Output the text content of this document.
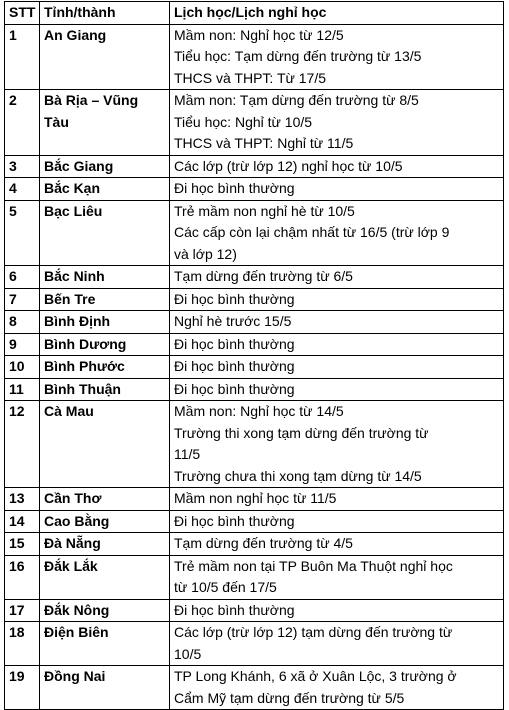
STT	Tỉnh/thành	Lịch học/Lịch nghỉ học
1	An Giang	Mầm non: Nghỉ học từ 12/5
Tiểu học: Tạm dừng đến trường từ 13/5
THCS và THPT: Từ 17/5

2	Bà Rịa – Vũng
Tàu	Mầm non: Tạm dừng đến trường từ 8/5
Tiểu học: Nghỉ từ 10/5
THCS và THPT: Nghỉ từ 11/5

3	Bắc Giang	Các lớp (trừ lớp 12) nghỉ học từ 10/5

4	Bắc Kạn	Đi học bình thường

5	Bạc Liêu	Trẻ mầm non nghỉ hè từ 10/5
Các cấp còn lại chậm nhất từ 16/5 (trừ lớp 9
và lớp 12)

6	Bắc Ninh	Tạm dừng đến trường từ 6/5

7	Bến Tre	Đi học bình thường

8	Bình Định	Nghỉ hè trước 15/5

9	Bình Dương	Đi học bình thường

10	Bình Phước	Đi học bình thường

11	Bình Thuận	Đi học bình thường

12	Cà Mau	Mầm non: Nghỉ học từ 14/5
Trường thi xong tạm dừng đến trường từ
11/5
Trường chưa thi xong tạm dừng từ 14/5

13	Cần Thơ	Mầm non nghỉ học từ 11/5

14	Cao Bằng	Đi học bình thường

15	Đà Nẵng	Tạm dừng đến trường từ 4/5

16	Đắk Lắk	Trẻ mầm non tại TP Buôn Ma Thuột nghỉ học
từ 10/5 đến 17/5

17	Đắk Nông	Đi học bình thường

18	Điện Biên	Các lớp (trừ lớp 12) tạm dừng đến trường từ
10/5

19	Đồng Nai	TP Long Khánh, 6 xã ở Xuân Lộc, 3 trường ở
Cẩm Mỹ tạm dừng đến trường từ 5/5
